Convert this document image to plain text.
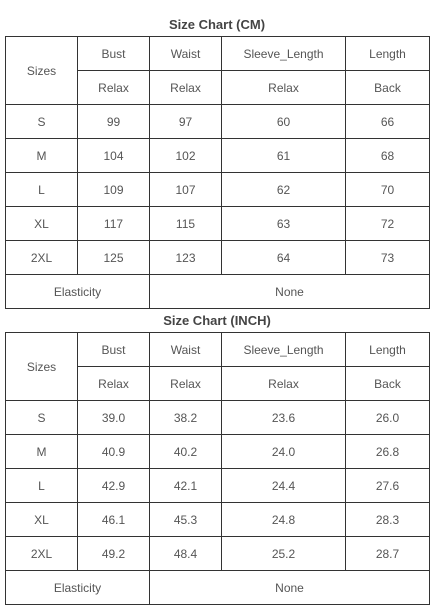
Size Chart (CM)
Sizes	Bust	Waist	Sleeve_Length	Length
	Relax	Relax	Relax	Back
S	99	97	60	66
M	104	102	61	68
L	109	107	62	70
XL	117	115	63	72
2XL	125	123	64	73
Elasticity		None		
Size Chart (INCH)
Sizes	Bust	Waist	Sleeve_Length	Length
	Relax	Relax	Relax	Back
S	39.0	38.2	23.6	26.0
M	40.9	40.2	24.0	26.8
L	42.9	42.1	24.4	27.6
XL	46.1	45.3	24.8	28.3
2XL	49.2	48.4	25.2	28.7
Elasticity		None		
